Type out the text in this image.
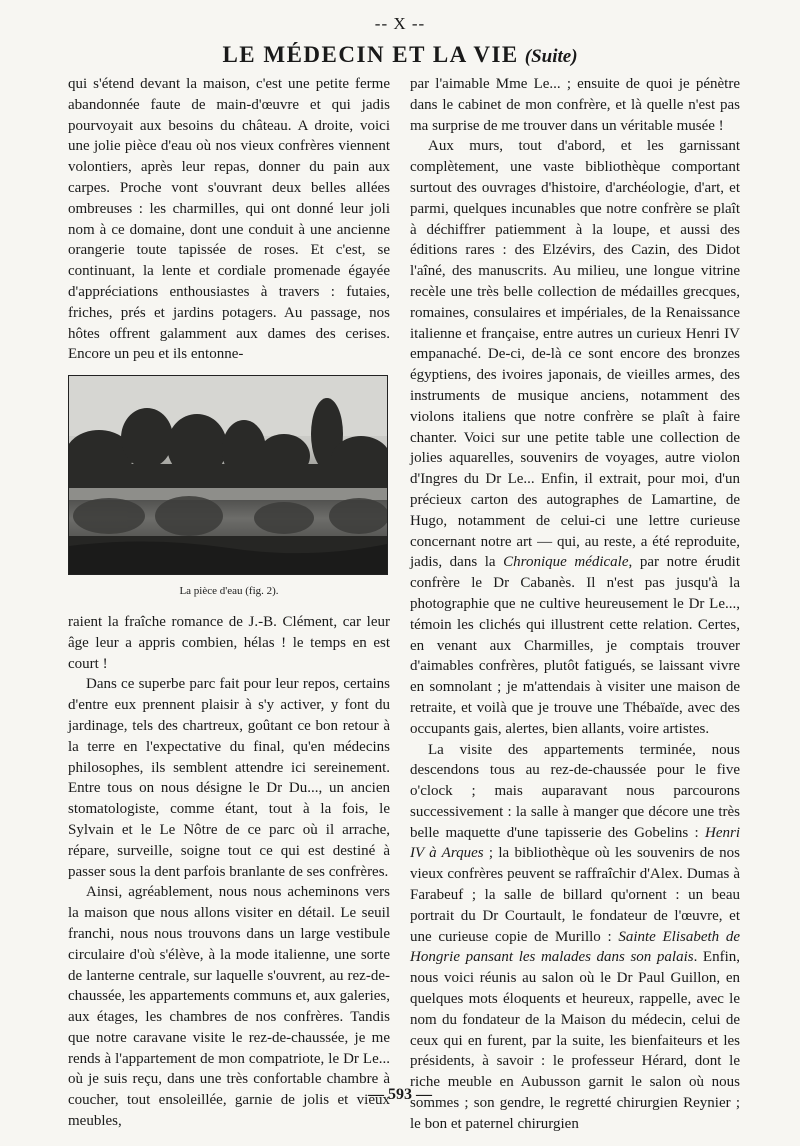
-- X --
LE MÉDECIN ET LA VIE (Suite)

qui s'étend devant la maison, c'est une petite ferme abandonnée faute de main-d'œuvre et qui jadis pourvoyait aux besoins du château. A droite, voici une jolie pièce d'eau où nos vieux confrères viennent volontiers, après leur repas, donner du pain aux carpes. Proche vont s'ouvrant deux belles allées ombreuses : les charmilles, qui ont donné leur joli nom à ce domaine, dont une conduit à une ancienne orangerie toute tapissée de roses. Et c'est, se continuant, la lente et cordiale promenade égayée d'appréciations enthousiastes à travers : futaies, friches, prés et jardins potagers. Au passage, nos hôtes offrent galamment aux dames des cerises. Encore un peu et ils entonne-

La pièce d'eau (fig. 2).

raient la fraîche romance de J.-B. Clément, car leur âge leur a appris combien, hélas ! le temps en est court !

Dans ce superbe parc fait pour leur repos, certains d'entre eux prennent plaisir à s'y activer, y font du jardinage, tels des chartreux, goûtant ce bon retour à la terre en l'expectative du final, qu'en médecins philosophes, ils semblent attendre ici sereinement. Entre tous on nous désigne le Dr Du..., un ancien stomatologiste, comme étant, tout à la fois, le Sylvain et le Le Nôtre de ce parc où il arrache, répare, surveille, soigne tout ce qui est destiné à passer sous la dent parfois branlante de ses confrères.

Ainsi, agréablement, nous nous acheminons vers la maison que nous allons visiter en détail. Le seuil franchi, nous nous trouvons dans un large vestibule circulaire d'où s'élève, à la mode italienne, une sorte de lanterne centrale, sur laquelle s'ouvrent, au rez-de-chaussée, les appartements communs et, aux galeries, aux étages, les chambres de nos confrères. Tandis que notre caravane visite le rez-de-chaussée, je me rends à l'appartement de mon compatriote, le Dr Le... où je suis reçu, dans une très confortable chambre à coucher, tout ensoleillée, garnie de jolis et vieux meubles,

par l'aimable Mme Le... ; ensuite de quoi je pénètre dans le cabinet de mon confrère, et là quelle n'est pas ma surprise de me trouver dans un véritable musée !

Aux murs, tout d'abord, et les garnissant complètement, une vaste bibliothèque comportant surtout des ouvrages d'histoire, d'archéologie, d'art, et parmi, quelques incunables que notre confrère se plaît à déchiffrer patiemment à la loupe, et aussi des éditions rares : des Elzévirs, des Cazin, des Didot l'aîné, des manuscrits. Au milieu, une longue vitrine recèle une très belle collection de médailles grecques, romaines, consulaires et impériales, de la Renaissance italienne et française, entre autres un curieux Henri IV empanaché. De-ci, de-là ce sont encore des bronzes égyptiens, des ivoires japonais, de vieilles armes, des instruments de musique anciens, notamment des violons italiens que notre confrère se plaît à faire chanter. Voici sur une petite table une collection de jolies aquarelles, souvenirs de voyages, autre violon d'Ingres du Dr Le... Enfin, il extrait, pour moi, d'un précieux carton des autographes de Lamartine, de Hugo, notamment de celui-ci une lettre curieuse concernant notre art — qui, au reste, a été reproduite, jadis, dans la Chronique médicale, par notre érudit confrère le Dr Cabanès. Il n'est pas jusqu'à la photographie que ne cultive heureusement le Dr Le..., témoin les clichés qui illustrent cette relation. Certes, en venant aux Charmilles, je comptais trouver d'aimables confrères, plutôt fatigués, se laissant vivre en somnolant ; je m'attendais à visiter une maison de retraite, et voilà que je trouve une Thébaïde, avec des occupants gais, alertes, bien allants, voire artistes.

La visite des appartements terminée, nous descendons tous au rez-de-chaussée pour le five o'clock ; mais auparavant nous parcourons successivement : la salle à manger que décore une très belle maquette d'une tapisserie des Gobelins : Henri IV à Arques ; la bibliothèque où les souvenirs de nos vieux confrères peuvent se raffraîchir d'Alex. Dumas à Farabeuf ; la salle de billard qu'ornent : un beau portrait du Dr Courtault, le fondateur de l'œuvre, et une curieuse copie de Murillo : Sainte Elisabeth de Hongrie pansant les malades dans son palais. Enfin, nous voici réunis au salon où le Dr Paul Guillon, en quelques mots éloquents et heureux, rappelle, avec le nom du fondateur de la Maison du médecin, celui de ceux qui en furent, par la suite, les bienfaiteurs et les présidents, à savoir : le professeur Hérard, dont le riche meuble en Aubusson garnit le salon où nous sommes ; son gendre, le regretté chirurgien Reynier ; le bon et paternel chirurgien

— 593 —
